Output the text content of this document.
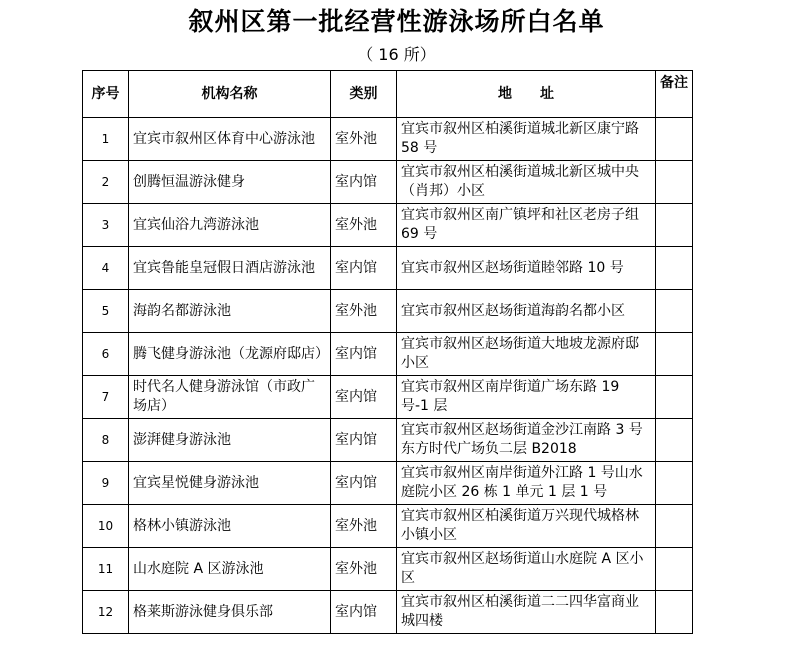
叙州区第一批经营性游泳场所白名单
（ 16 所）
序号	机构名称	类别	地　　址	备注
1	宜宾市叙州区体育中心游泳池	室外池	宜宾市叙州区柏溪街道城北新区康宁路 58 号	
2	创腾恒温游泳健身	室内馆	宜宾市叙州区柏溪街道城北新区城中央（肖邦）小区	
3	宜宾仙浴九湾游泳池	室外池	宜宾市叙州区南广镇坪和社区老房子组 69 号	
4	宜宾鲁能皇冠假日酒店游泳池	室内馆	宜宾市叙州区赵场街道睦邻路 10 号	
5	海韵名都游泳池	室外池	宜宾市叙州区赵场街道海韵名都小区	
6	腾飞健身游泳池（龙源府邸店）	室内馆	宜宾市叙州区赵场街道大地坡龙源府邸小区	
7	时代名人健身游泳馆（市政广场店）	室内馆	宜宾市叙州区南岸街道广场东路 19 号-1 层	
8	澎湃健身游泳池	室内馆	宜宾市叙州区赵场街道金沙江南路 3 号东方时代广场负二层 B2018	
9	宜宾星悦健身游泳池	室内馆	宜宾市叙州区南岸街道外江路 1 号山水庭院小区 26 栋 1 单元 1 层 1 号	
10	格林小镇游泳池	室外池	宜宾市叙州区柏溪街道万兴现代城格林小镇小区	
11	山水庭院 A 区游泳池	室外池	宜宾市叙州区赵场街道山水庭院 A 区小区	
12	格莱斯游泳健身俱乐部	室内馆	宜宾市叙州区柏溪街道二二四华富商业城四楼	
